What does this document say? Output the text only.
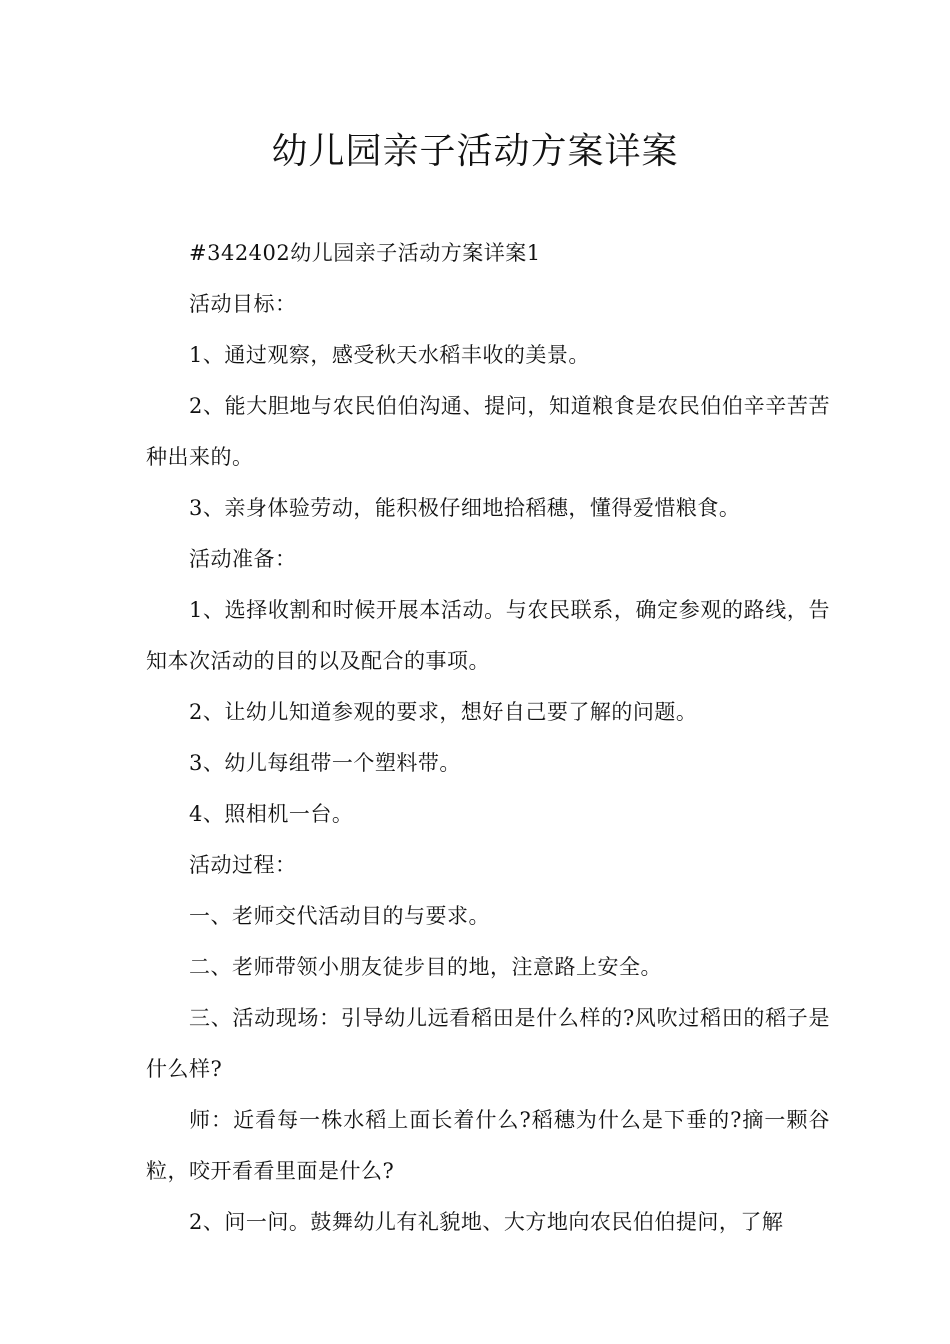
幼儿园亲子活动方案详案

#342402幼儿园亲子活动方案详案1

活动目标：

1、通过观察，感受秋天水稻丰收的美景。

2、能大胆地与农民伯伯沟通、提问，知道粮食是农民伯伯辛辛苦苦种出来的。

3、亲身体验劳动，能积极仔细地拾稻穗，懂得爱惜粮食。

活动准备：

1、选择收割和时候开展本活动。与农民联系，确定参观的路线，告知本次活动的目的以及配合的事项。

2、让幼儿知道参观的要求，想好自己要了解的问题。

3、幼儿每组带一个塑料带。

4、照相机一台。

活动过程：

一、老师交代活动目的与要求。

二、老师带领小朋友徒步目的地，注意路上安全。

三、活动现场：引导幼儿远看稻田是什么样的?风吹过稻田的稻子是什么样?

师：近看每一株水稻上面长着什么?稻穗为什么是下垂的?摘一颗谷粒，咬开看看里面是什么?

2、问一问。鼓舞幼儿有礼貌地、大方地向农民伯伯提问，了解
